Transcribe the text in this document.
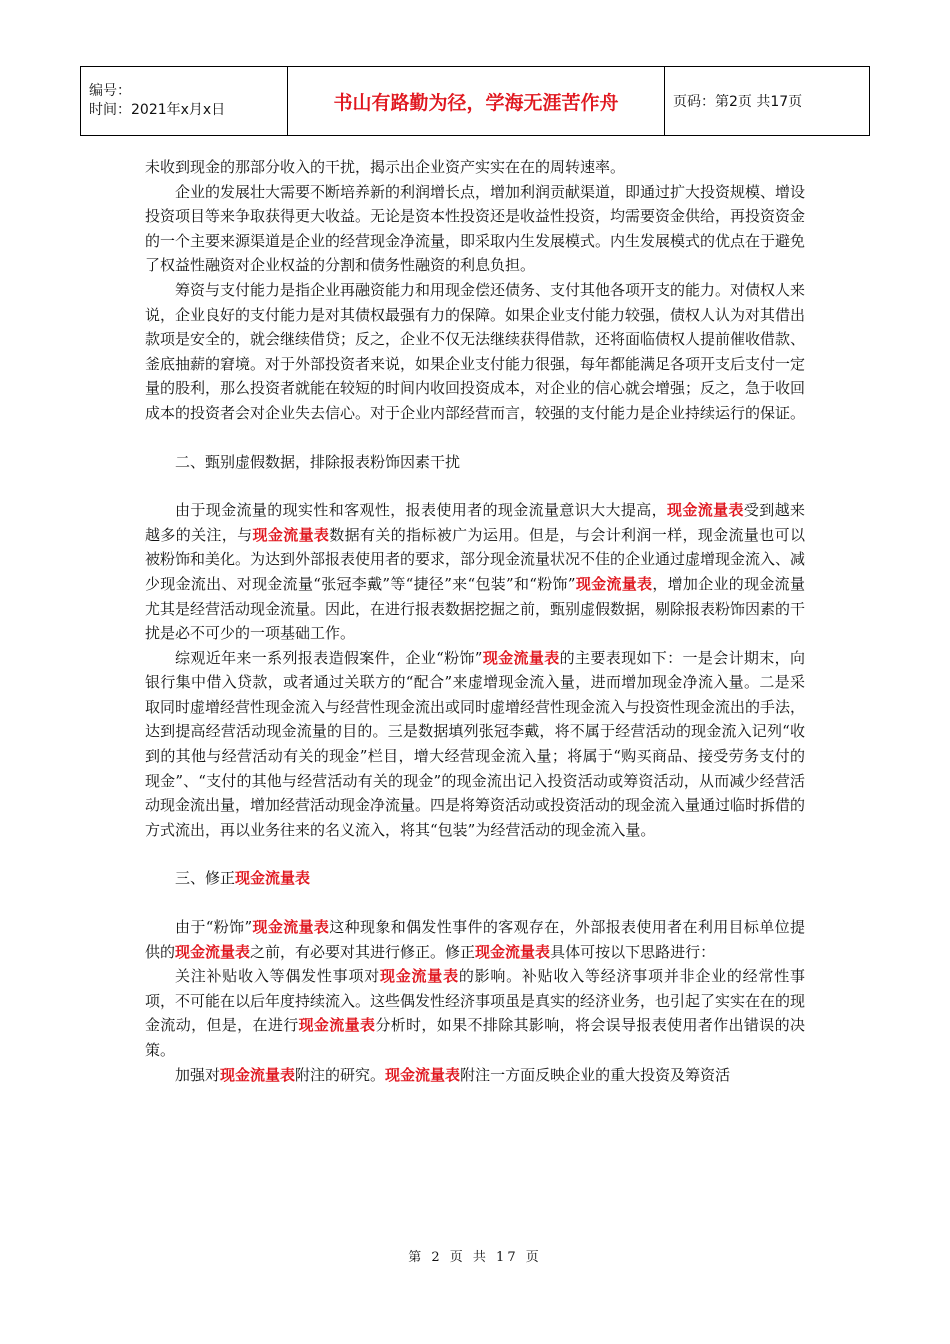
编号：
时间：2021年x月x日	书山有路勤为径，学海无涯苦作舟	页码：第2页 共17页

未收到现金的那部分收入的干扰，揭示出企业资产实实在在的周转速率。

企业的发展壮大需要不断培养新的利润增长点，增加利润贡献渠道，即通过扩大投资规模、增设投资项目等来争取获得更大收益。无论是资本性投资还是收益性投资，均需要资金供给，再投资资金的一个主要来源渠道是企业的经营现金净流量，即采取内生发展模式。内生发展模式的优点在于避免了权益性融资对企业权益的分割和债务性融资的利息负担。

筹资与支付能力是指企业再融资能力和用现金偿还债务、支付其他各项开支的能力。对债权人来说，企业良好的支付能力是对其债权最强有力的保障。如果企业支付能力较强，债权人认为对其借出款项是安全的，就会继续借贷；反之，企业不仅无法继续获得借款，还将面临债权人提前催收借款、釜底抽薪的窘境。对于外部投资者来说，如果企业支付能力很强，每年都能满足各项开支后支付一定量的股利，那么投资者就能在较短的时间内收回投资成本，对企业的信心就会增强；反之，急于收回成本的投资者会对企业失去信心。对于企业内部经营而言，较强的支付能力是企业持续运行的保证。

二、甄别虚假数据，排除报表粉饰因素干扰

由于现金流量的现实性和客观性，报表使用者的现金流量意识大大提高，现金流量表受到越来越多的关注，与现金流量表数据有关的指标被广为运用。但是，与会计利润一样，现金流量也可以被粉饰和美化。为达到外部报表使用者的要求，部分现金流量状况不佳的企业通过虚增现金流入、减少现金流出、对现金流量“张冠李戴”等“捷径”来“包装”和“粉饰”现金流量表，增加企业的现金流量尤其是经营活动现金流量。因此，在进行报表数据挖掘之前，甄别虚假数据，剔除报表粉饰因素的干扰是必不可少的一项基础工作。

综观近年来一系列报表造假案件，企业“粉饰”现金流量表的主要表现如下：一是会计期末，向银行集中借入贷款，或者通过关联方的“配合”来虚增现金流入量，进而增加现金净流入量。二是采取同时虚增经营性现金流入与经营性现金流出或同时虚增经营性现金流入与投资性现金流出的手法，达到提高经营活动现金流量的目的。三是数据填列张冠李戴，将不属于经营活动的现金流入记列“收到的其他与经营活动有关的现金”栏目，增大经营现金流入量；将属于“购买商品、接受劳务支付的现金”、“支付的其他与经营活动有关的现金”的现金流出记入投资活动或筹资活动，从而减少经营活动现金流出量，增加经营活动现金净流量。四是将筹资活动或投资活动的现金流入量通过临时拆借的方式流出，再以业务往来的名义流入，将其“包装”为经营活动的现金流入量。

三、修正现金流量表

由于“粉饰”现金流量表这种现象和偶发性事件的客观存在，外部报表使用者在利用目标单位提供的现金流量表之前，有必要对其进行修正。修正现金流量表具体可按以下思路进行：

关注补贴收入等偶发性事项对现金流量表的影响。补贴收入等经济事项并非企业的经常性事项，不可能在以后年度持续流入。这些偶发性经济事项虽是真实的经济业务，也引起了实实在在的现金流动，但是，在进行现金流量表分析时，如果不排除其影响，将会误导报表使用者作出错误的决策。

加强对现金流量表附注的研究。现金流量表附注一方面反映企业的重大投资及筹资活

第 2 页 共 17 页
